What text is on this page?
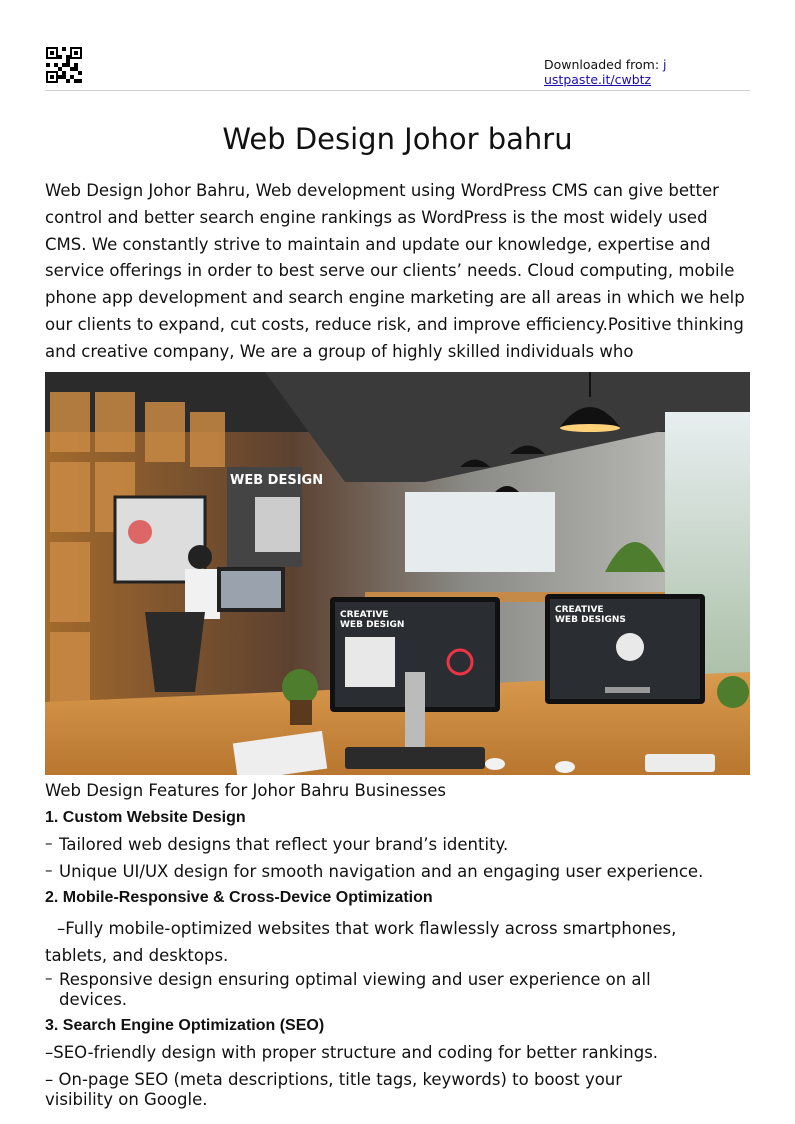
Downloaded from: justpaste.it/cwbtz
Web Design Johor bahru

Web Design Johor Bahru, Web development using WordPress CMS can give better control and better search engine rankings as WordPress is the most widely used CMS. We constantly strive to maintain and update our knowledge, expertise and service offerings in order to best serve our clients’ needs. Cloud computing, mobile phone app development and search engine marketing are all areas in which we help our clients to expand, cut costs, reduce risk, and improve efficiency.Positive thinking and creative company, We are a group of highly skilled individuals who

WEB DESIGN
CREATIVE WEB DESIGN
CREATIVE WEB DESIGNS
Web Design Features for Johor Bahru Businesses
1. Custom Website Design
– Tailored web designs that reflect your brand’s identity.

– Unique UI/UX design for smooth navigation and an engaging user experience.

2. Mobile-Responsive & Cross-Device Optimization

–Fully mobile-optimized websites that work flawlessly across smartphones, tablets, and desktops.

– Responsive design ensuring optimal viewing and user experience on all devices.

3. Search Engine Optimization (SEO)

–SEO-friendly design with proper structure and coding for better rankings.

– On-page SEO (meta descriptions, title tags, keywords) to boost your visibility on Google.
